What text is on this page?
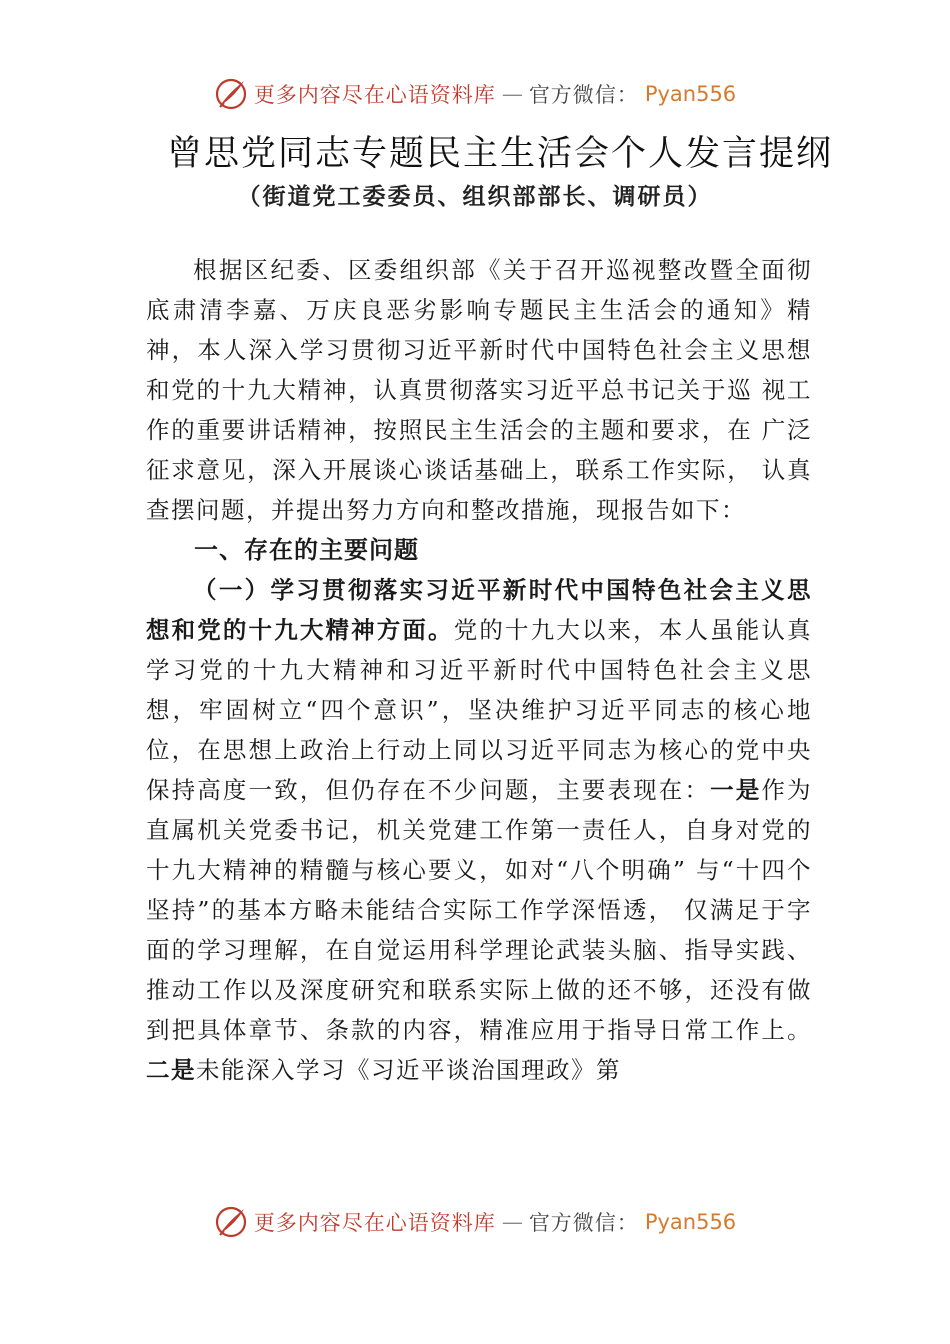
更多内容尽在心语资料库 — 官方微信： Pyan556
曾思党同志专题民主生活会个人发言提纲
（街道党工委委员、组织部部长、调研员）

根据区纪委、区委组织部《关于召开巡视整改暨全面彻底肃清李嘉、万庆良恶劣影响专题民主生活会的通知》精神，本人深入学习贯彻习近平新时代中国特色社会主义思想和党的十九大精神，认真贯彻落实习近平总书记关于巡 视工作的重要讲话精神，按照民主生活会的主题和要求，在 广泛征求意见，深入开展谈心谈话基础上，联系工作实际， 认真查摆问题，并提出努力方向和整改措施，现报告如下：

一、存在的主要问题

（一）学习贯彻落实习近平新时代中国特色社会主义思想和党的十九大精神方面。党的十九大以来，本人虽能认真学习党的十九大精神和习近平新时代中国特色社会主义思想，牢固树立“四个意识”，坚决维护习近平同志的核心地位，在思想上政治上行动上同以习近平同志为核心的党中央保持高度一致，但仍存在不少问题，主要表现在：一是作为直属机关党委书记，机关党建工作第一责任人，自身对党的十九大精神的精髓与核心要义，如对“八个明确” 与“十四个坚持”的基本方略未能结合实际工作学深悟透， 仅满足于字面的学习理解，在自觉运用科学理论武装头脑、指导实践、推动工作以及深度研究和联系实际上做的还不够，还没有做到把具体章节、条款的内容，精准应用于指导日常工作上。二是未能深入学习《习近平谈治国理政》第

更多内容尽在心语资料库 — 官方微信： Pyan556
